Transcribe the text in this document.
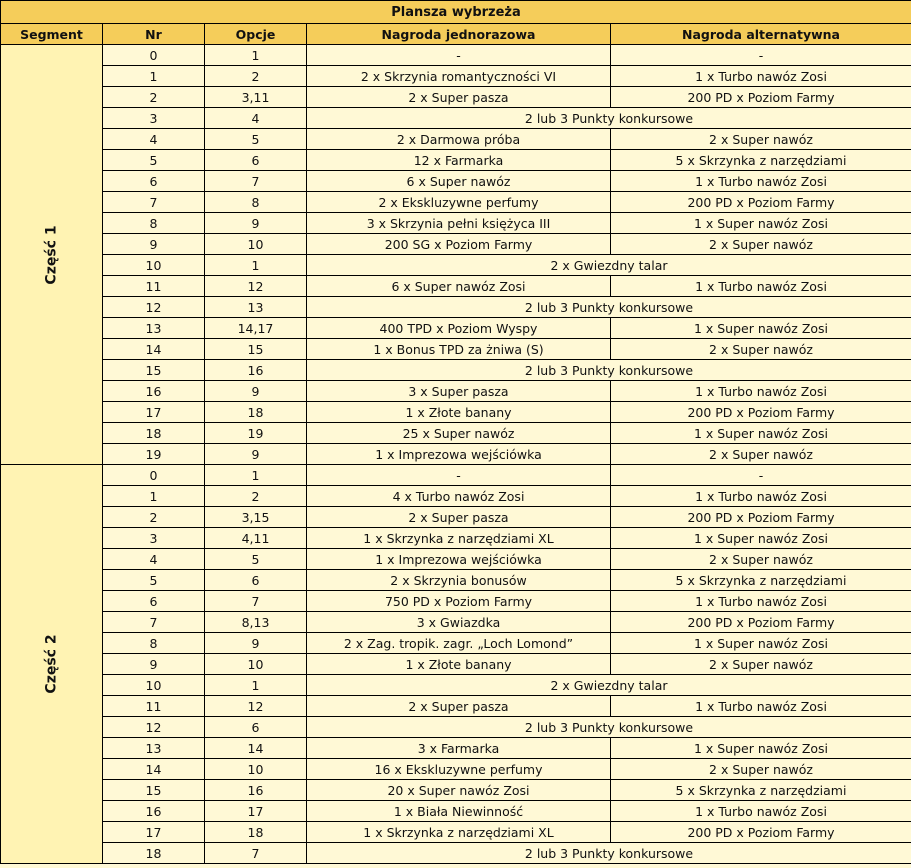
Plansza wybrzeża				
Segment	Nr	Opcje	Nagroda jednorazowa	Nagroda alternatywna
Część 1	0	1	-	-
	1	2	2 x Skrzynia romantyczności VI	1 x Turbo nawóz Zosi
	2	3,11	2 x Super pasza	200 PD x Poziom Farmy
	3	4	2 lub 3 Punkty konkursowe	
	4	5	2 x Darmowa próba	2 x Super nawóz
	5	6	12 x Farmarka	5 x Skrzynka z narzędziami
	6	7	6 x Super nawóz	1 x Turbo nawóz Zosi
	7	8	2 x Ekskluzywne perfumy	200 PD x Poziom Farmy
	8	9	3 x Skrzynia pełni księżyca III	1 x Super nawóz Zosi
	9	10	200 SG x Poziom Farmy	2 x Super nawóz
	10	1	2 x Gwiezdny talar	
	11	12	6 x Super nawóz Zosi	1 x Turbo nawóz Zosi
	12	13	2 lub 3 Punkty konkursowe	
	13	14,17	400 TPD x Poziom Wyspy	1 x Super nawóz Zosi
	14	15	1 x Bonus TPD za żniwa (S)	2 x Super nawóz
	15	16	2 lub 3 Punkty konkursowe	
	16	9	3 x Super pasza	1 x Turbo nawóz Zosi
	17	18	1 x Złote banany	200 PD x Poziom Farmy
	18	19	25 x Super nawóz	1 x Super nawóz Zosi
	19	9	1 x Imprezowa wejściówka	2 x Super nawóz
Część 2	0	1	-	-
	1	2	4 x Turbo nawóz Zosi	1 x Turbo nawóz Zosi
	2	3,15	2 x Super pasza	200 PD x Poziom Farmy
	3	4,11	1 x Skrzynka z narzędziami XL	1 x Super nawóz Zosi
	4	5	1 x Imprezowa wejściówka	2 x Super nawóz
	5	6	2 x Skrzynia bonusów	5 x Skrzynka z narzędziami
	6	7	750 PD x Poziom Farmy	1 x Turbo nawóz Zosi
	7	8,13	3 x Gwiazdka	200 PD x Poziom Farmy
	8	9	2 x Zag. tropik. zagr. „Loch Lomond”	1 x Super nawóz Zosi
	9	10	1 x Złote banany	2 x Super nawóz
	10	1	2 x Gwiezdny talar	
	11	12	2 x Super pasza	1 x Turbo nawóz Zosi
	12	6	2 lub 3 Punkty konkursowe	
	13	14	3 x Farmarka	1 x Super nawóz Zosi
	14	10	16 x Ekskluzywne perfumy	2 x Super nawóz
	15	16	20 x Super nawóz Zosi	5 x Skrzynka z narzędziami
	16	17	1 x Biała Niewinność	1 x Turbo nawóz Zosi
	17	18	1 x Skrzynka z narzędziami XL	200 PD x Poziom Farmy
	18	7	2 lub 3 Punkty konkursowe	
